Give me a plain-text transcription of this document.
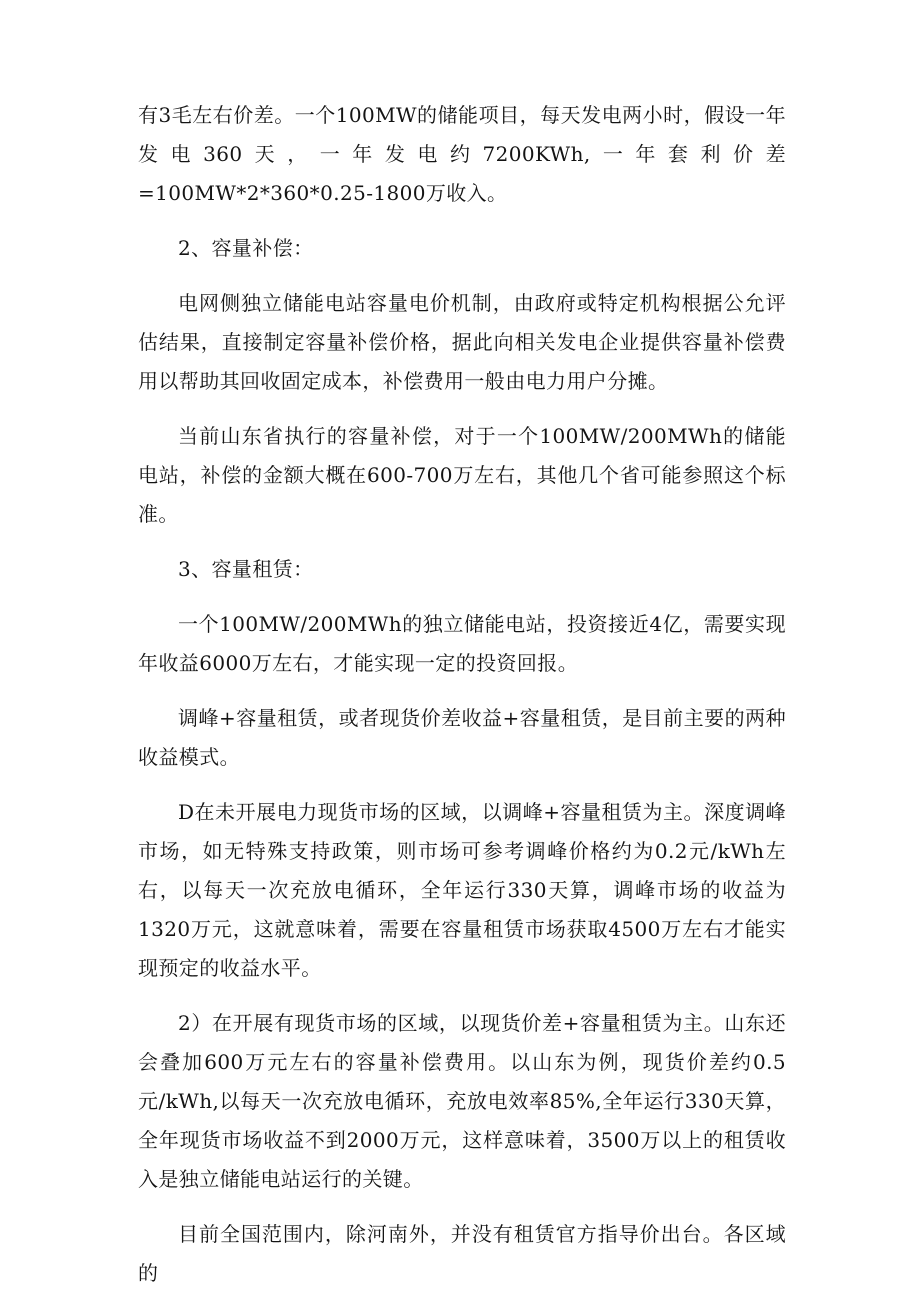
有3毛左右价差。一个100MW的储能项目，每天发电两小时，假设一年发电360天，一年发电约7200KWh,一年套利价差=100MW*2*360*0.25-1800万收入。

2、容量补偿：

电网侧独立储能电站容量电价机制，由政府或特定机构根据公允评估结果，直接制定容量补偿价格，据此向相关发电企业提供容量补偿费用以帮助其回收固定成本，补偿费用一般由电力用户分摊。

当前山东省执行的容量补偿，对于一个100MW/200MWh的储能电站，补偿的金额大概在600-700万左右，其他几个省可能参照这个标准。

3、容量租赁：

一个100MW/200MWh的独立储能电站，投资接近4亿，需要实现年收益6000万左右，才能实现一定的投资回报。

调峰+容量租赁，或者现货价差收益+容量租赁，是目前主要的两种收益模式。

D在未开展电力现货市场的区域，以调峰+容量租赁为主。深度调峰市场，如无特殊支持政策，则市场可参考调峰价格约为0.2元/kWh左右，以每天一次充放电循环，全年运行330天算，调峰市场的收益为1320万元，这就意味着，需要在容量租赁市场获取4500万左右才能实现预定的收益水平。

2）在开展有现货市场的区域，以现货价差+容量租赁为主。山东还会叠加600万元左右的容量补偿费用。以山东为例，现货价差约0.5元/kWh,以每天一次充放电循环，充放电效率85%,全年运行330天算，全年现货市场收益不到2000万元，这样意味着，3500万以上的租赁收入是独立储能电站运行的关键。

目前全国范围内，除河南外，并没有租赁官方指导价出台。各区域的
